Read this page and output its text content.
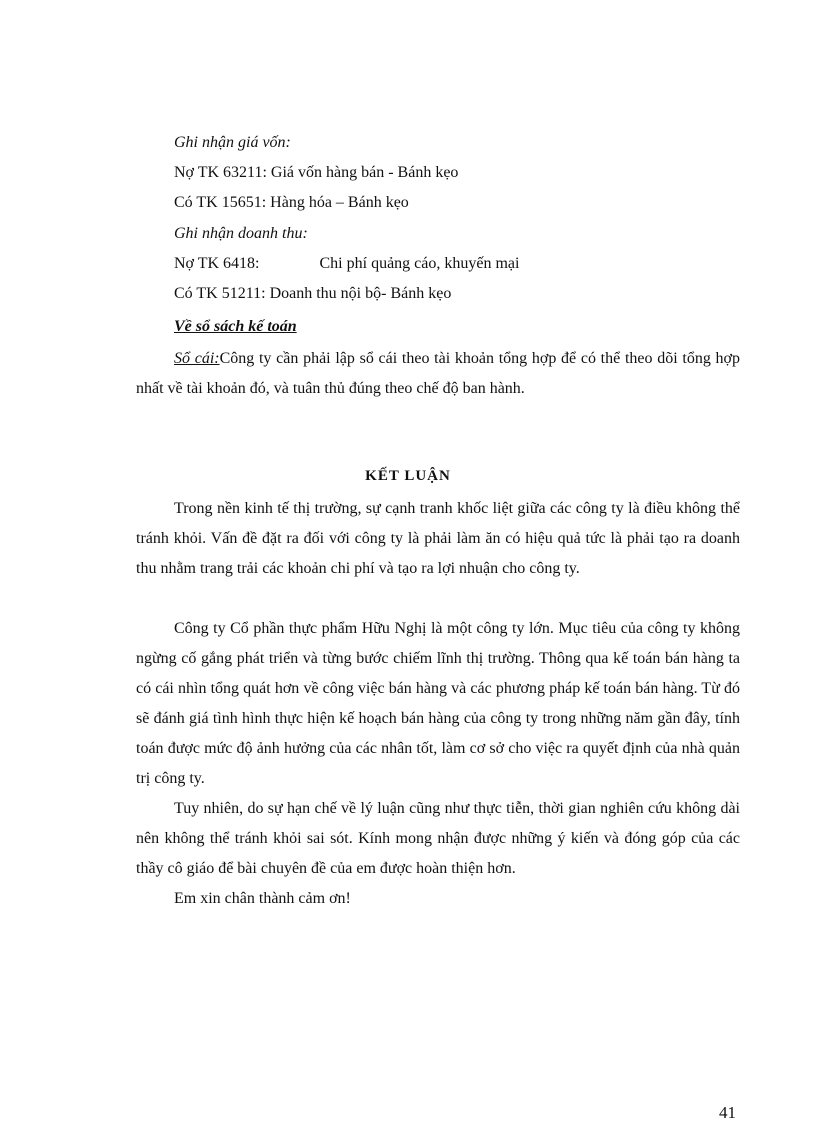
Ghi nhận giá vốn:
Nợ TK 63211: Giá vốn hàng bán - Bánh kẹo
Có TK 15651: Hàng hóa – Bánh kẹo
Ghi nhận doanh thu:
Nợ TK 6418:	Chi phí quảng cáo, khuyến mại
Có TK 51211: Doanh thu nội bộ- Bánh kẹo
Về sổ sách kế toán
Sổ cái:Công ty cần phải lập sổ cái theo tài khoản tổng hợp để có thể theo dõi tổng hợp nhất về tài khoản đó, và tuân thủ đúng theo chế độ ban hành.
KẾT LUẬN
Trong nền kinh tế thị trường, sự cạnh tranh khốc liệt giữa các công ty là điều không thể tránh khỏi. Vấn đề đặt ra đối với công ty là phải làm ăn có hiệu quả tức là phải tạo ra doanh thu nhằm trang trải các khoản chi phí và tạo ra lợi nhuận cho công ty.
Công ty Cổ phần thực phẩm Hữu Nghị là một công ty lớn. Mục tiêu của công ty không ngừng cố gắng phát triển và từng bước chiếm lĩnh thị trường. Thông qua kế toán bán hàng ta có cái nhìn tổng quát hơn về công việc bán hàng và các phương pháp kế toán bán hàng. Từ đó sẽ đánh giá tình hình thực hiện kế hoạch bán hàng của công ty trong những năm gần đây, tính toán được mức độ ảnh hưởng của các nhân tốt, làm cơ sở cho việc ra quyết định của nhà quản trị công ty.
Tuy nhiên, do sự hạn chế về lý luận cũng như thực tiễn, thời gian nghiên cứu không dài nên không thể tránh khỏi sai sót. Kính mong nhận được những ý kiến và đóng góp của các thầy cô giáo để bài chuyên đề của em được hoàn thiện hơn.
Em xin chân thành cảm ơn!
41
